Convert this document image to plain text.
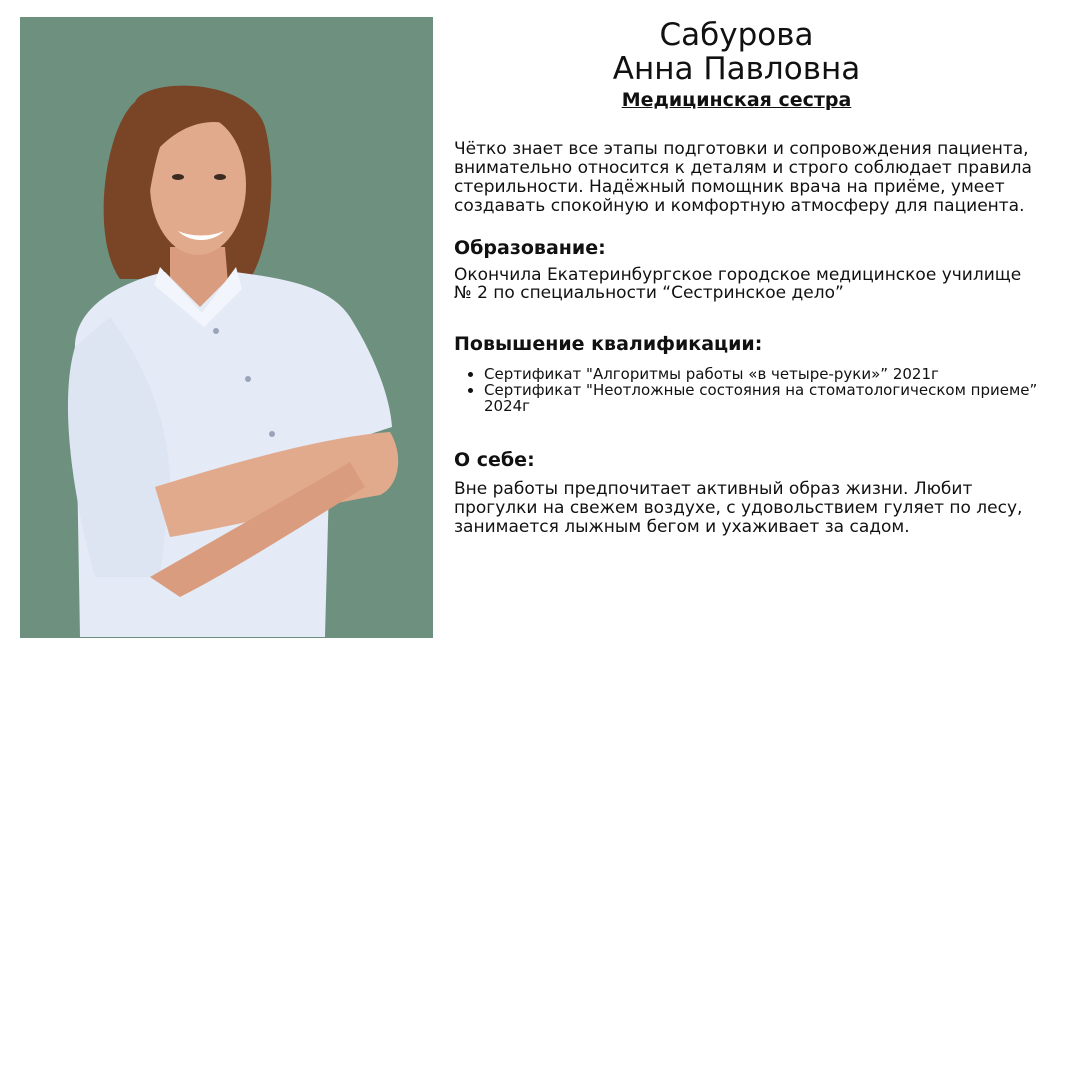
Сабурова
Анна Павловна
Медицинская сестра
Чётко знает все этапы подготовки и сопровождения пациента, внимательно относится к деталям и строго соблюдает правила стерильности. Надёжный помощник врача на приёме, умеет создавать спокойную и комфортную атмосферу для пациента.
Образование:
Окончила Екатеринбургское городское медицинское училище № 2 по специальности “Сестринское дело”
Повышение квалификации:
• Сертификат "Алгоритмы работы «в четыре-руки»” 2021г
• Сертификат "Неотложные состояния на стоматологическом приеме” 2024г
О себе:
Вне работы предпочитает активный образ жизни. Любит прогулки на свежем воздухе, с удовольствием гуляет по лесу, занимается лыжным бегом и ухаживает за садом.
